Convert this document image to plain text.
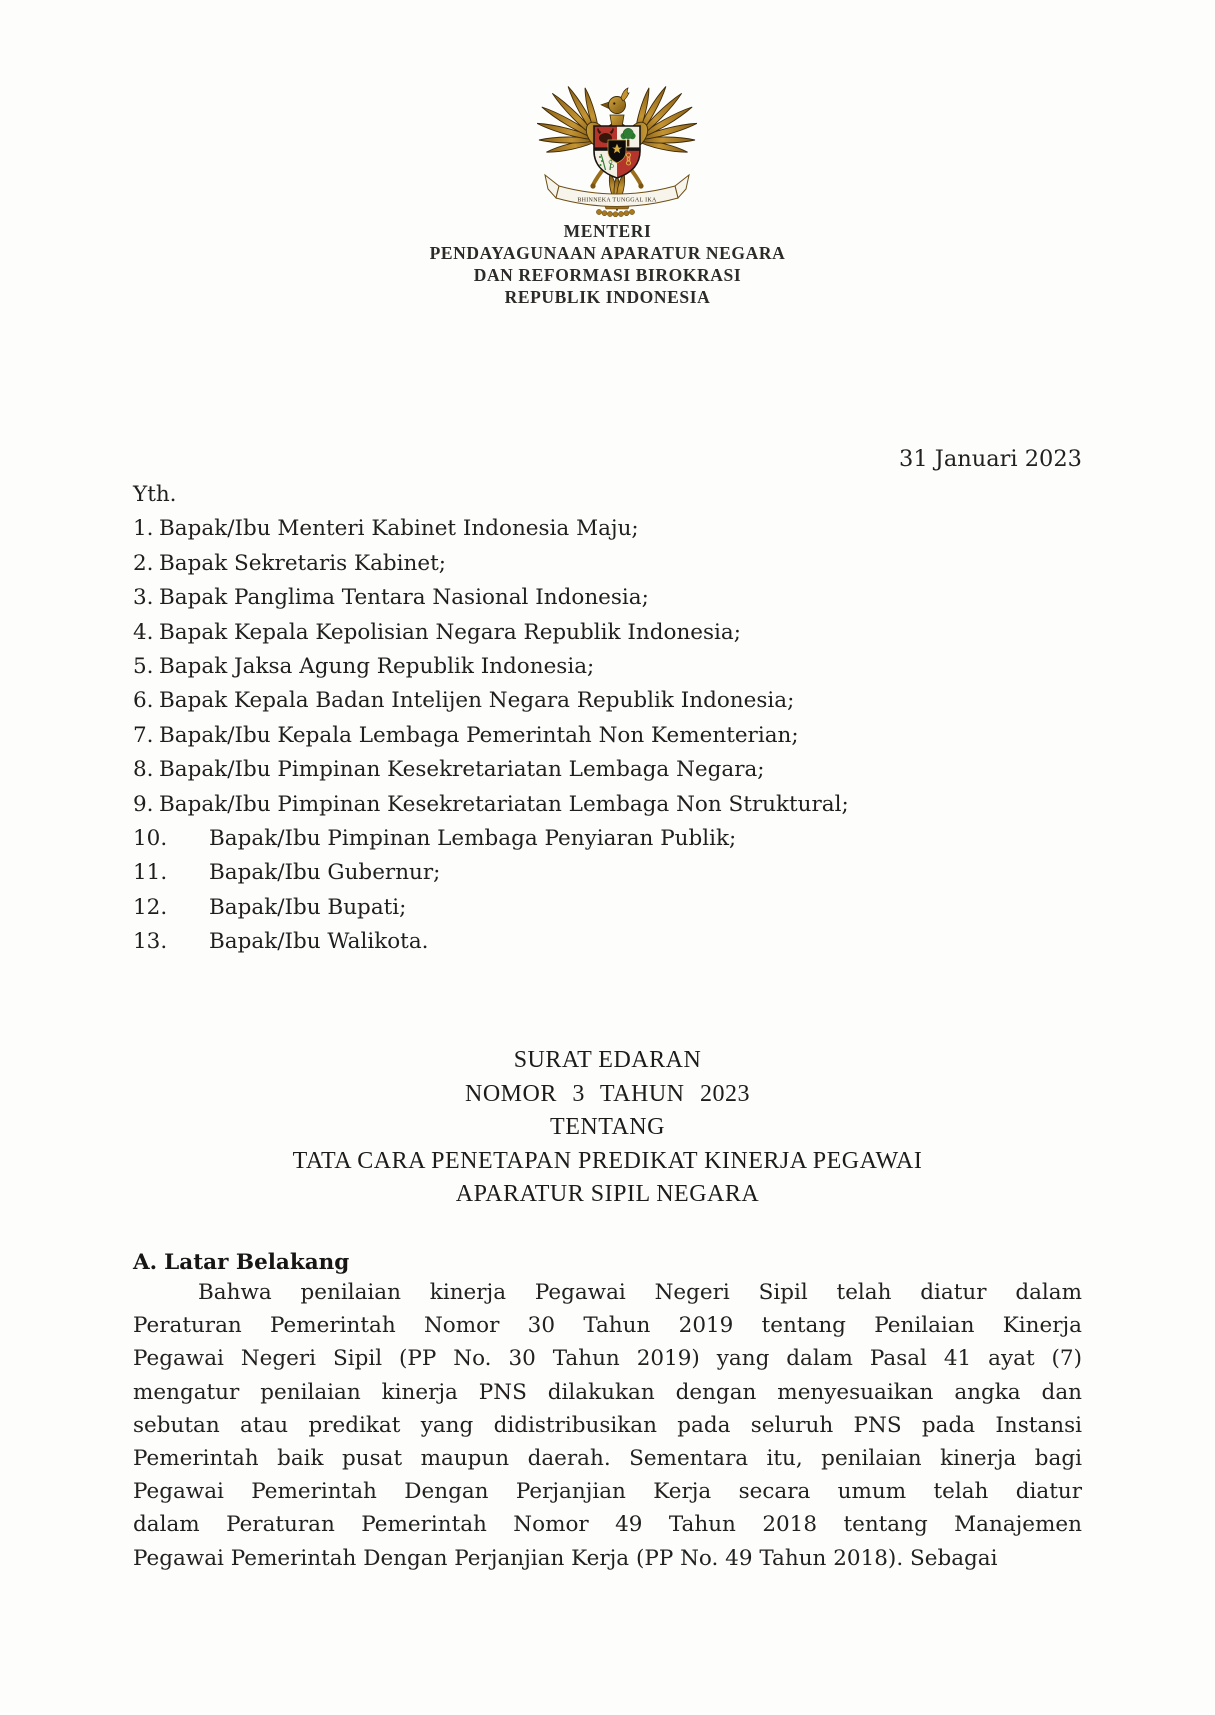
BHINNEKA TUNGGAL IKA
MENTERI
PENDAYAGUNAAN APARATUR NEGARA
DAN REFORMASI BIROKRASI
REPUBLIK INDONESIA
31 Januari 2023
Yth.
1. Bapak/Ibu Menteri Kabinet Indonesia Maju;
2. Bapak Sekretaris Kabinet;
3. Bapak Panglima Tentara Nasional Indonesia;
4. Bapak Kepala Kepolisian Negara Republik Indonesia;
5. Bapak Jaksa Agung Republik Indonesia;
6. Bapak Kepala Badan Intelijen Negara Republik Indonesia;
7. Bapak/Ibu Kepala Lembaga Pemerintah Non Kementerian;
8. Bapak/Ibu Pimpinan Kesekretariatan Lembaga Negara;
9. Bapak/Ibu Pimpinan Kesekretariatan Lembaga Non Struktural;
10.	Bapak/Ibu Pimpinan Lembaga Penyiaran Publik;
11.	Bapak/Ibu Gubernur;
12.	Bapak/Ibu Bupati;
13.	Bapak/Ibu Walikota.
SURAT EDARAN
NOMOR 3 TAHUN 2023
TENTANG
TATA CARA PENETAPAN PREDIKAT KINERJA PEGAWAI
APARATUR SIPIL NEGARA
A. Latar Belakang
Bahwa penilaian kinerja Pegawai Negeri Sipil telah diatur dalam
Peraturan Pemerintah Nomor 30 Tahun 2019 tentang Penilaian Kinerja
Pegawai Negeri Sipil (PP No. 30 Tahun 2019) yang dalam Pasal 41 ayat (7)
mengatur penilaian kinerja PNS dilakukan dengan menyesuaikan angka dan
sebutan atau predikat yang didistribusikan pada seluruh PNS pada Instansi
Pemerintah baik pusat maupun daerah. Sementara itu, penilaian kinerja bagi
Pegawai Pemerintah Dengan Perjanjian Kerja secara umum telah diatur
dalam Peraturan Pemerintah Nomor 49 Tahun 2018 tentang Manajemen
Pegawai Pemerintah Dengan Perjanjian Kerja (PP No. 49 Tahun 2018). Sebagai
